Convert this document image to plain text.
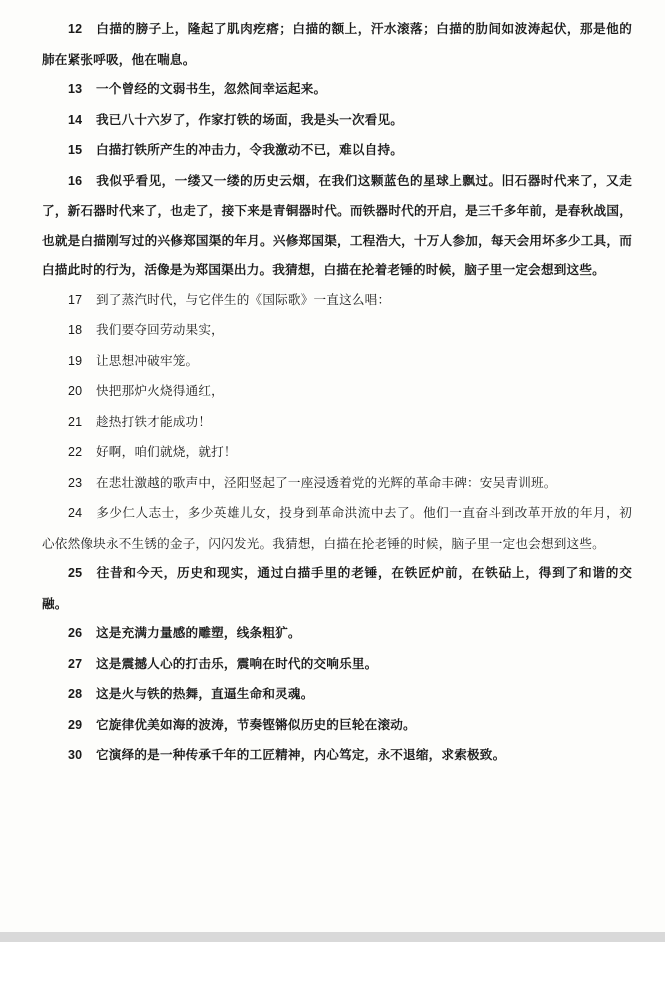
12 白描的膀子上，隆起了肌肉疙瘩；白描的额上，汗水滚落；白描的肋间如波涛起伏，那是他的肺在紧张呼吸，他在喘息。

13 一个曾经的文弱书生，忽然间幸运起来。

14 我已八十六岁了，作家打铁的场面，我是头一次看见。

15 白描打铁所产生的冲击力，令我激动不已，难以自持。

16 我似乎看见，一缕又一缕的历史云烟，在我们这颗蓝色的星球上飘过。旧石器时代来了，又走了，新石器时代来了，也走了，接下来是青铜器时代。而铁器时代的开启，是三千多年前，是春秋战国，也就是白描刚写过的兴修郑国渠的年月。兴修郑国渠，工程浩大，十万人参加，每天会用坏多少工具，而白描此时的行为，活像是为郑国渠出力。我猜想，白描在抡着老锤的时候，脑子里一定会想到这些。

17 到了蒸汽时代，与它伴生的《国际歌》一直这么唱：

18 我们要夺回劳动果实，

19 让思想冲破牢笼。

20 快把那炉火烧得通红，

21 趁热打铁才能成功！

22 好啊，咱们就烧，就打！

23 在悲壮激越的歌声中，泾阳竖起了一座浸透着党的光辉的革命丰碑：安吴青训班。

24 多少仁人志士，多少英雄儿女，投身到革命洪流中去了。他们一直奋斗到改革开放的年月，初心依然像块永不生锈的金子，闪闪发光。我猜想，白描在抡老锤的时候，脑子里一定也会想到这些。

25 往昔和今天，历史和现实，通过白描手里的老锤，在铁匠炉前，在铁砧上，得到了和谐的交融。

26 这是充满力量感的雕塑，线条粗犷。

27 这是震撼人心的打击乐，震响在时代的交响乐里。

28 这是火与铁的热舞，直逼生命和灵魂。

29 它旋律优美如海的波涛，节奏铿锵似历史的巨轮在滚动。

30 它演绎的是一种传承千年的工匠精神，内心笃定，永不退缩，求索极致。
